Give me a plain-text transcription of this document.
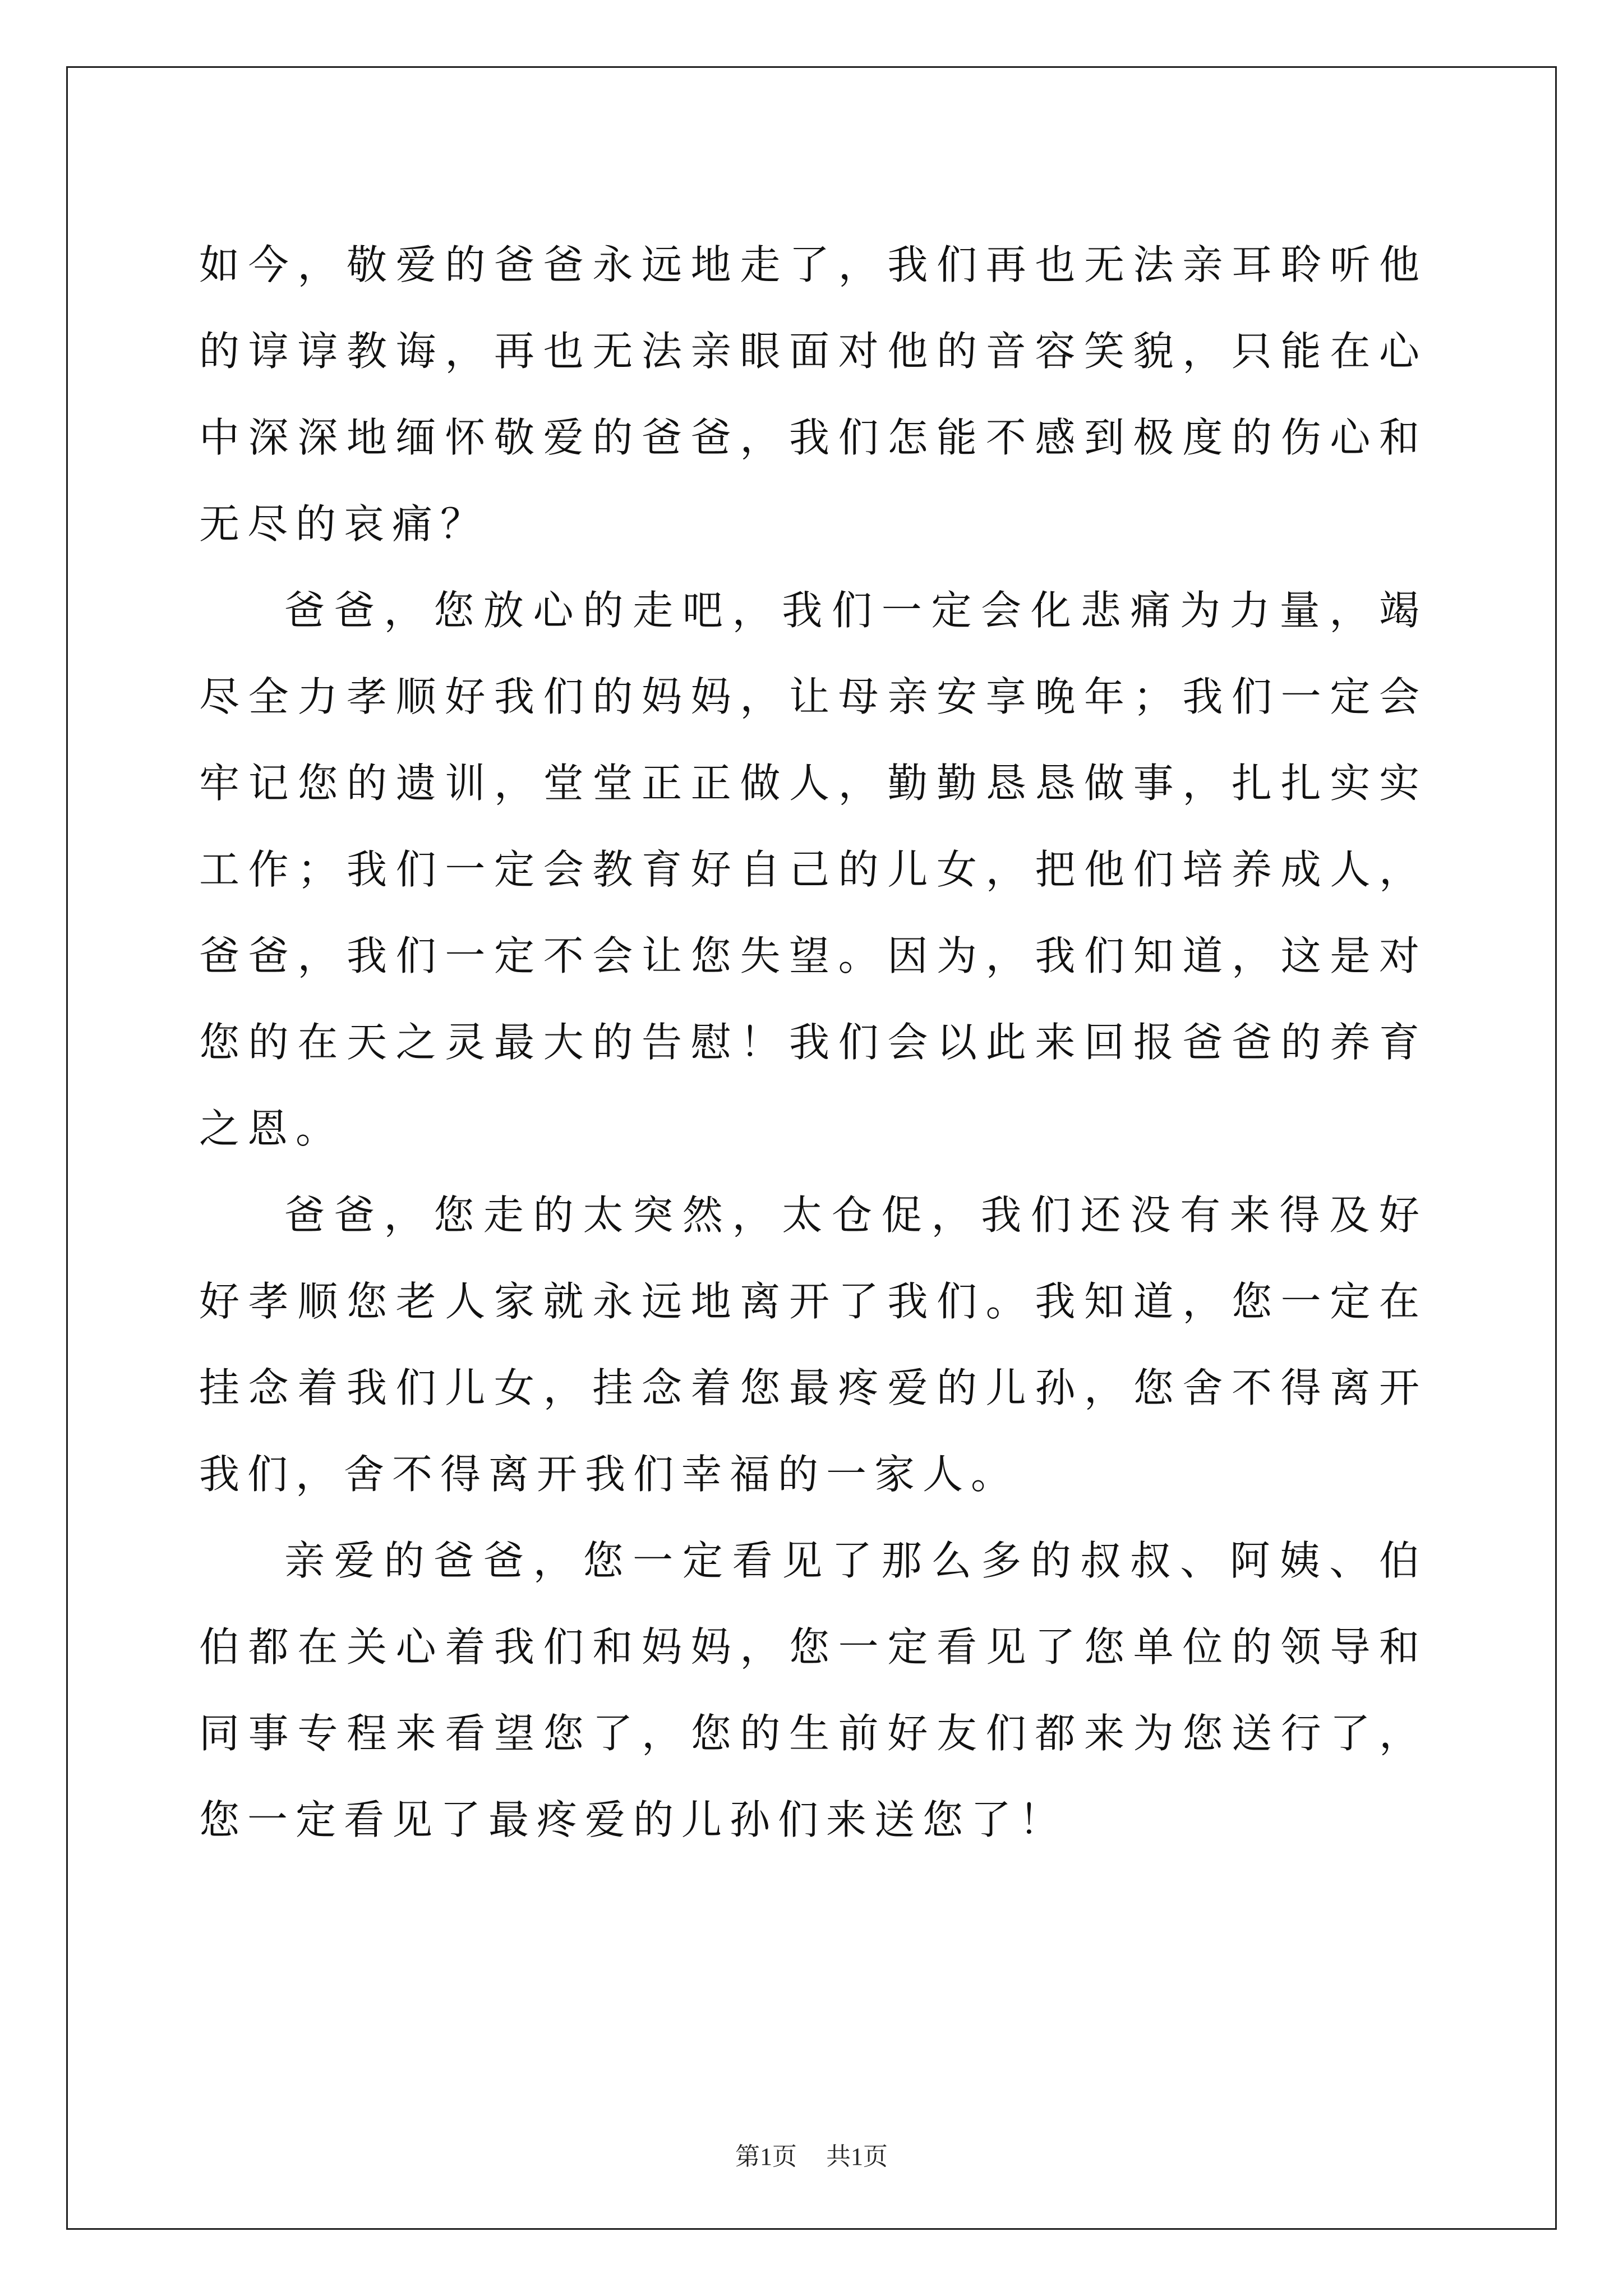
如今，敬爱的爸爸永远地走了，我们再也无法亲耳聆听他的谆谆教诲，再也无法亲眼面对他的音容笑貌，只能在心中深深地缅怀敬爱的爸爸，我们怎能不感到极度的伤心和无尽的哀痛？

爸爸，您放心的走吧，我们一定会化悲痛为力量，竭尽全力孝顺好我们的妈妈，让母亲安享晚年；我们一定会牢记您的遗训，堂堂正正做人，勤勤恳恳做事，扎扎实实工作；我们一定会教育好自己的儿女，把他们培养成人，爸爸，我们一定不会让您失望。因为，我们知道，这是对您的在天之灵最大的告慰！我们会以此来回报爸爸的养育之恩。

爸爸，您走的太突然，太仓促，我们还没有来得及好好孝顺您老人家就永远地离开了我们。我知道，您一定在挂念着我们儿女，挂念着您最疼爱的儿孙，您舍不得离开我们，舍不得离开我们幸福的一家人。

亲爱的爸爸，您一定看见了那么多的叔叔、阿姨、伯伯都在关心着我们和妈妈，您一定看见了您单位的领导和同事专程来看望您了，您的生前好友们都来为您送行了，您一定看见了最疼爱的儿孙们来送您了！

第1页 共1页
